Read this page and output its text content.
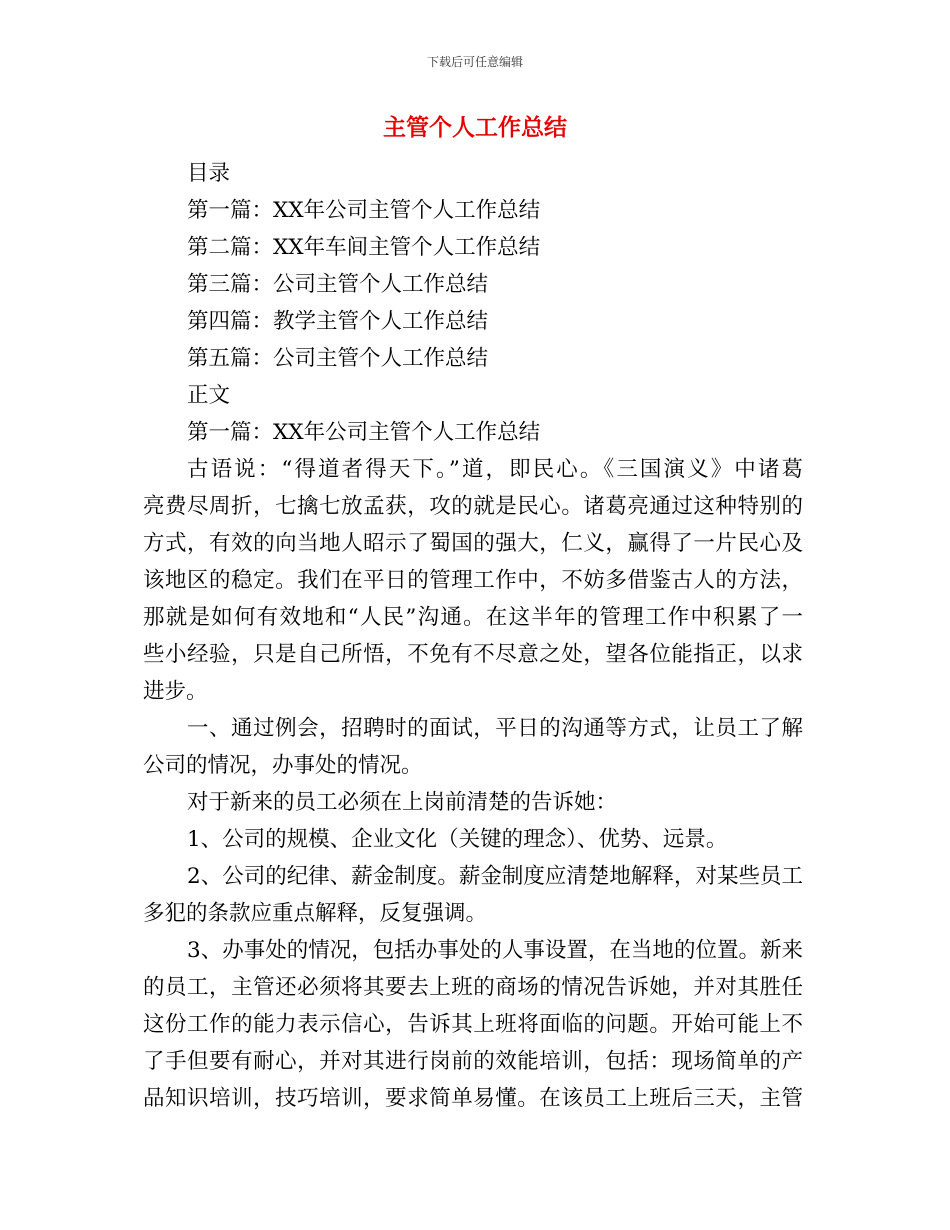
下载后可任意编辑
主管个人工作总结
目录
第一篇：XX年公司主管个人工作总结
第二篇：XX年车间主管个人工作总结
第三篇：公司主管个人工作总结
第四篇：教学主管个人工作总结
第五篇：公司主管个人工作总结
正文
第一篇：XX年公司主管个人工作总结
古语说：“得道者得天下。”道，即民心。《三国演义》中诸葛
亮费尽周折，七擒七放孟获，攻的就是民心。诸葛亮通过这种特别的
方式，有效的向当地人昭示了蜀国的强大，仁义，赢得了一片民心及
该地区的稳定。我们在平日的管理工作中，不妨多借鉴古人的方法，
那就是如何有效地和“人民”沟通。在这半年的管理工作中积累了一
些小经验，只是自己所悟，不免有不尽意之处，望各位能指正，以求
进步。
一、通过例会，招聘时的面试，平日的沟通等方式，让员工了解
公司的情况，办事处的情况。
对于新来的员工必须在上岗前清楚的告诉她：
1、公司的规模、企业文化（关键的理念）、优势、远景。
2、公司的纪律、薪金制度。薪金制度应清楚地解释，对某些员工
多犯的条款应重点解释，反复强调。
3、办事处的情况，包括办事处的人事设置，在当地的位置。新来
的员工，主管还必须将其要去上班的商场的情况告诉她，并对其胜任
这份工作的能力表示信心，告诉其上班将面临的问题。开始可能上不
了手但要有耐心，并对其进行岗前的效能培训，包括：现场简单的产
品知识培训，技巧培训，要求简单易懂。在该员工上班后三天，主管
